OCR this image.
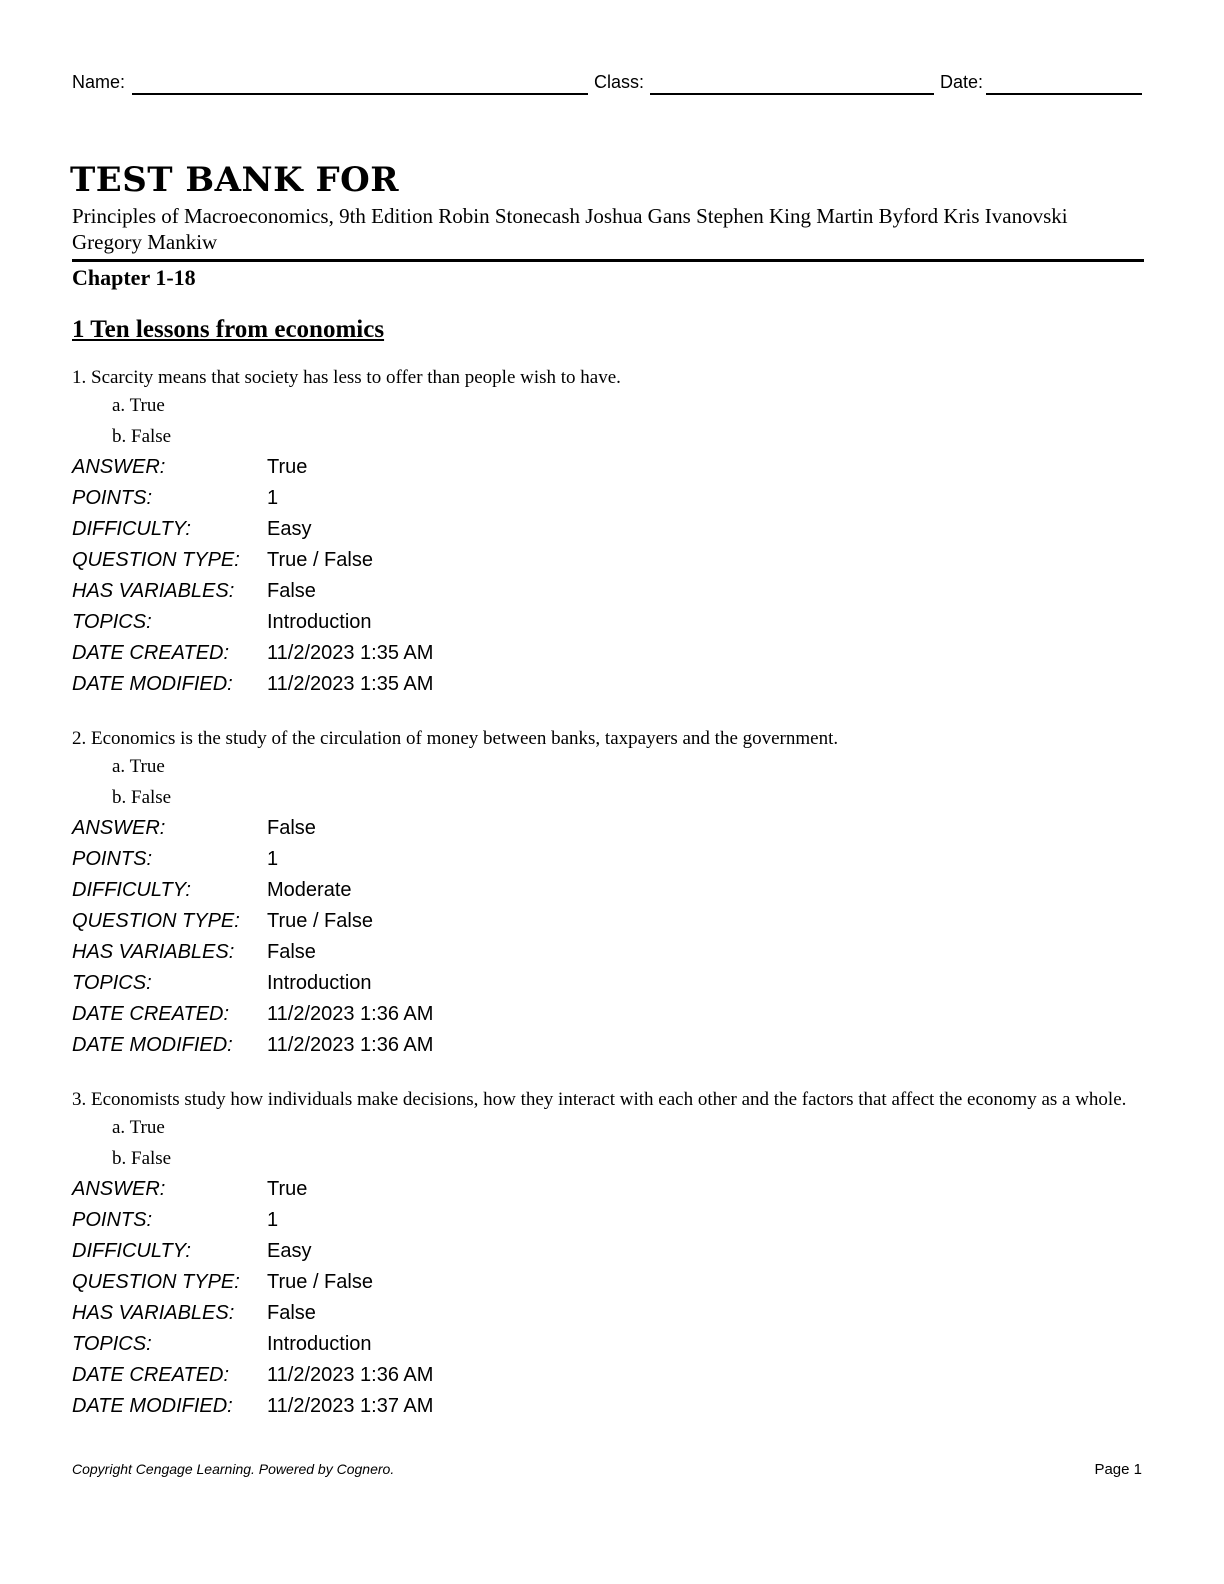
Name:	Class:	Date:
TEST BANK FOR
Principles of Macroeconomics, 9th Edition Robin Stonecash Joshua Gans Stephen King Martin Byford Kris Ivanovski Gregory Mankiw
Chapter 1-18
1 Ten lessons from economics

1. Scarcity means that society has less to offer than people wish to have.

a. True

b. False

ANSWER:	True
POINTS:	1
DIFFICULTY:	Easy
QUESTION TYPE:	True / False
HAS VARIABLES:	False
TOPICS:	Introduction
DATE CREATED:	11/2/2023 1:35 AM
DATE MODIFIED:	11/2/2023 1:35 AM

2. Economics is the study of the circulation of money between banks, taxpayers and the government.

a. True

b. False

ANSWER:	False
POINTS:	1
DIFFICULTY:	Moderate
QUESTION TYPE:	True / False
HAS VARIABLES:	False
TOPICS:	Introduction
DATE CREATED:	11/2/2023 1:36 AM
DATE MODIFIED:	11/2/2023 1:36 AM

3. Economists study how individuals make decisions, how they interact with each other and the factors that affect the economy as a whole.

a. True

b. False

ANSWER:	True
POINTS:	1
DIFFICULTY:	Easy
QUESTION TYPE:	True / False
HAS VARIABLES:	False
TOPICS:	Introduction
DATE CREATED:	11/2/2023 1:36 AM
DATE MODIFIED:	11/2/2023 1:37 AM
Copyright Cengage Learning. Powered by Cognero.	Page 1
